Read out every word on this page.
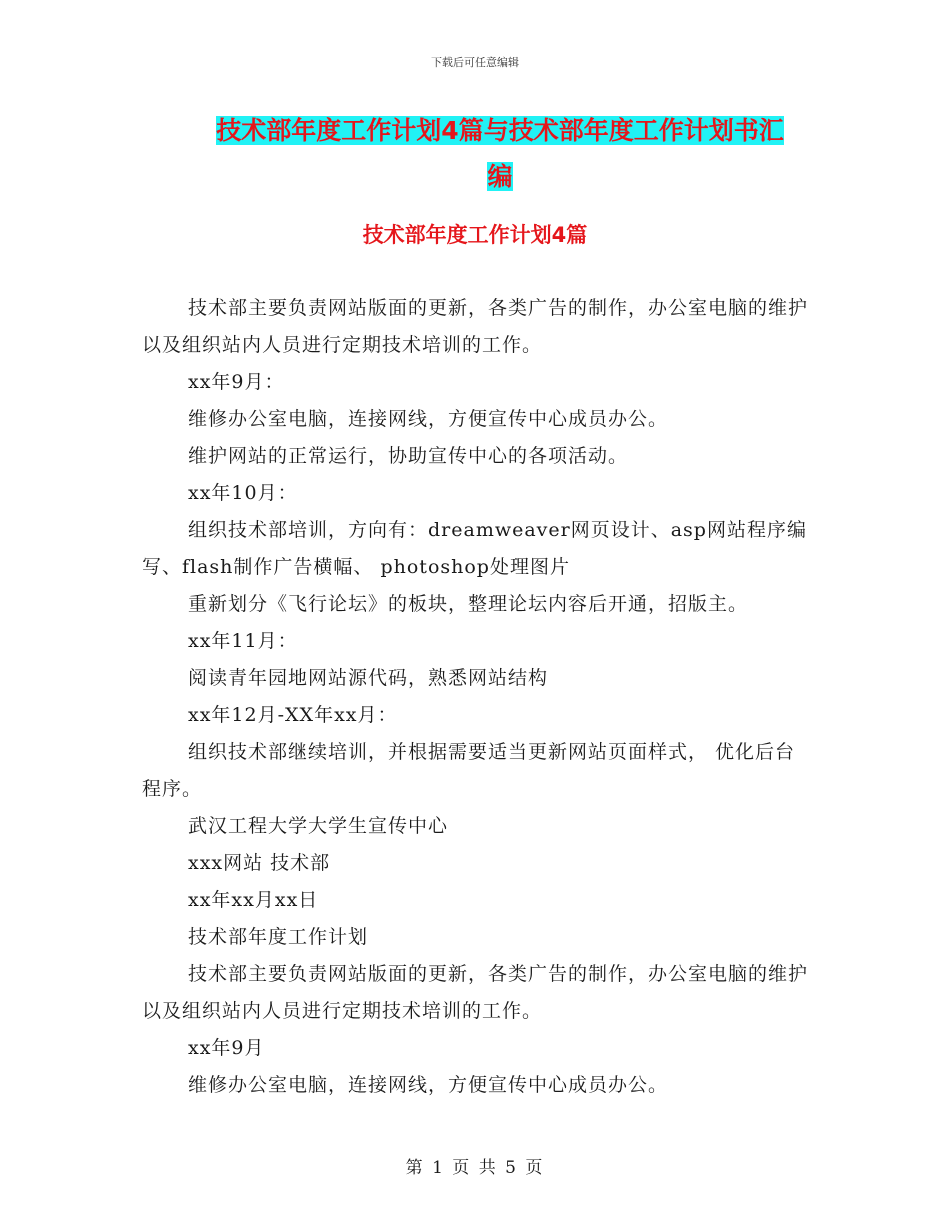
下载后可任意编辑
技术部年度工作计划4篇与技术部年度工作计划书汇
编
技术部年度工作计划4篇

技术部主要负责网站版面的更新，各类广告的制作，办公室电脑的维护以及组织站内人员进行定期技术培训的工作。

xx年9月：

维修办公室电脑，连接网线，方便宣传中心成员办公。

维护网站的正常运行，协助宣传中心的各项活动。

xx年10月：

组织技术部培训，方向有：dreamweaver网页设计、asp网站程序编写、flash制作广告横幅、 photoshop处理图片

重新划分《飞行论坛》的板块，整理论坛内容后开通，招版主。

xx年11月：

阅读青年园地网站源代码，熟悉网站结构

xx年12月-XX年xx月：

组织技术部继续培训，并根据需要适当更新网站页面样式， 优化后台程序。

武汉工程大学大学生宣传中心

xxx网站 技术部

xx年xx月xx日

技术部年度工作计划

技术部主要负责网站版面的更新，各类广告的制作，办公室电脑的维护以及组织站内人员进行定期技术培训的工作。

xx年9月

维修办公室电脑，连接网线，方便宣传中心成员办公。

第 1 页 共 5 页
